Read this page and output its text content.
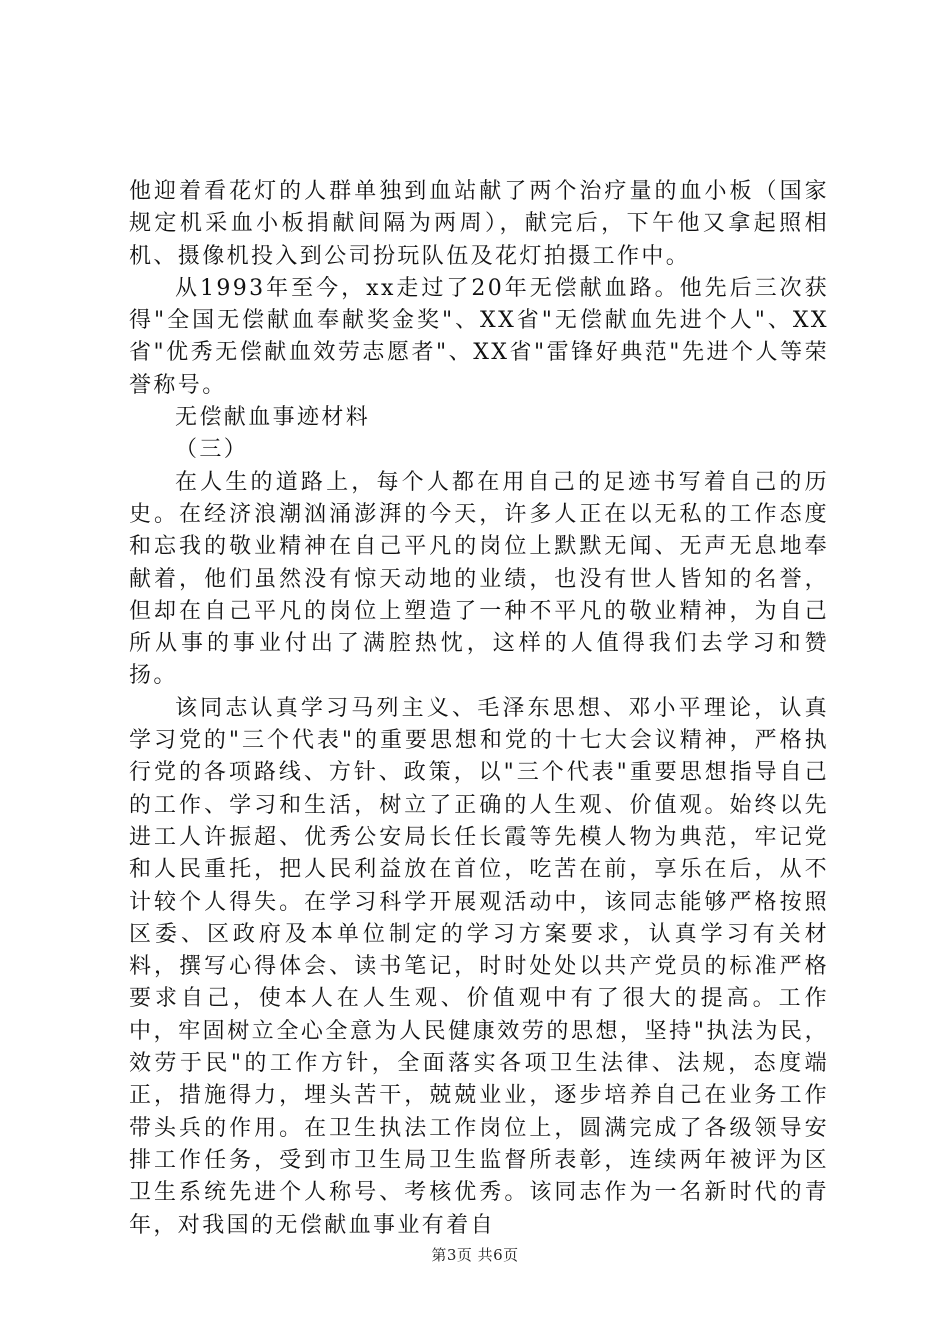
他迎着看花灯的人群单独到血站献了两个治疗量的血小板（国家规定机采血小板捐献间隔为两周），献完后，下午他又拿起照相机、摄像机投入到公司扮玩队伍及花灯拍摄工作中。

从1993年至今，xx走过了20年无偿献血路。他先后三次获得"全国无偿献血奉献奖金奖"、XX省"无偿献血先进个人"、XX省"优秀无偿献血效劳志愿者"、XX省"雷锋好典范"先进个人等荣誉称号。

无偿献血事迹材料

（三）

在人生的道路上，每个人都在用自己的足迹书写着自己的历史。在经济浪潮汹涌澎湃的今天，许多人正在以无私的工作态度和忘我的敬业精神在自己平凡的岗位上默默无闻、无声无息地奉献着，他们虽然没有惊天动地的业绩，也没有世人皆知的名誉，但却在自己平凡的岗位上塑造了一种不平凡的敬业精神，为自己所从事的事业付出了满腔热忱，这样的人值得我们去学习和赞扬。

该同志认真学习马列主义、毛泽东思想、邓小平理论，认真学习党的"三个代表"的重要思想和党的十七大会议精神，严格执行党的各项路线、方针、政策，以"三个代表"重要思想指导自己的工作、学习和生活，树立了正确的人生观、价值观。始终以先进工人许振超、优秀公安局长任长霞等先模人物为典范，牢记党和人民重托，把人民利益放在首位，吃苦在前，享乐在后，从不计较个人得失。在学习科学开展观活动中，该同志能够严格按照区委、区政府及本单位制定的学习方案要求，认真学习有关材料，撰写心得体会、读书笔记，时时处处以共产党员的标准严格要求自己，使本人在人生观、价值观中有了很大的提高。工作中，牢固树立全心全意为人民健康效劳的思想，坚持"执法为民，效劳于民"的工作方针，全面落实各项卫生法律、法规，态度端正，措施得力，埋头苦干，兢兢业业，逐步培养自己在业务工作带头兵的作用。在卫生执法工作岗位上，圆满完成了各级领导安排工作任务，受到市卫生局卫生监督所表彰，连续两年被评为区卫生系统先进个人称号、考核优秀。该同志作为一名新时代的青年，对我国的无偿献血事业有着自

第3页 共6页
